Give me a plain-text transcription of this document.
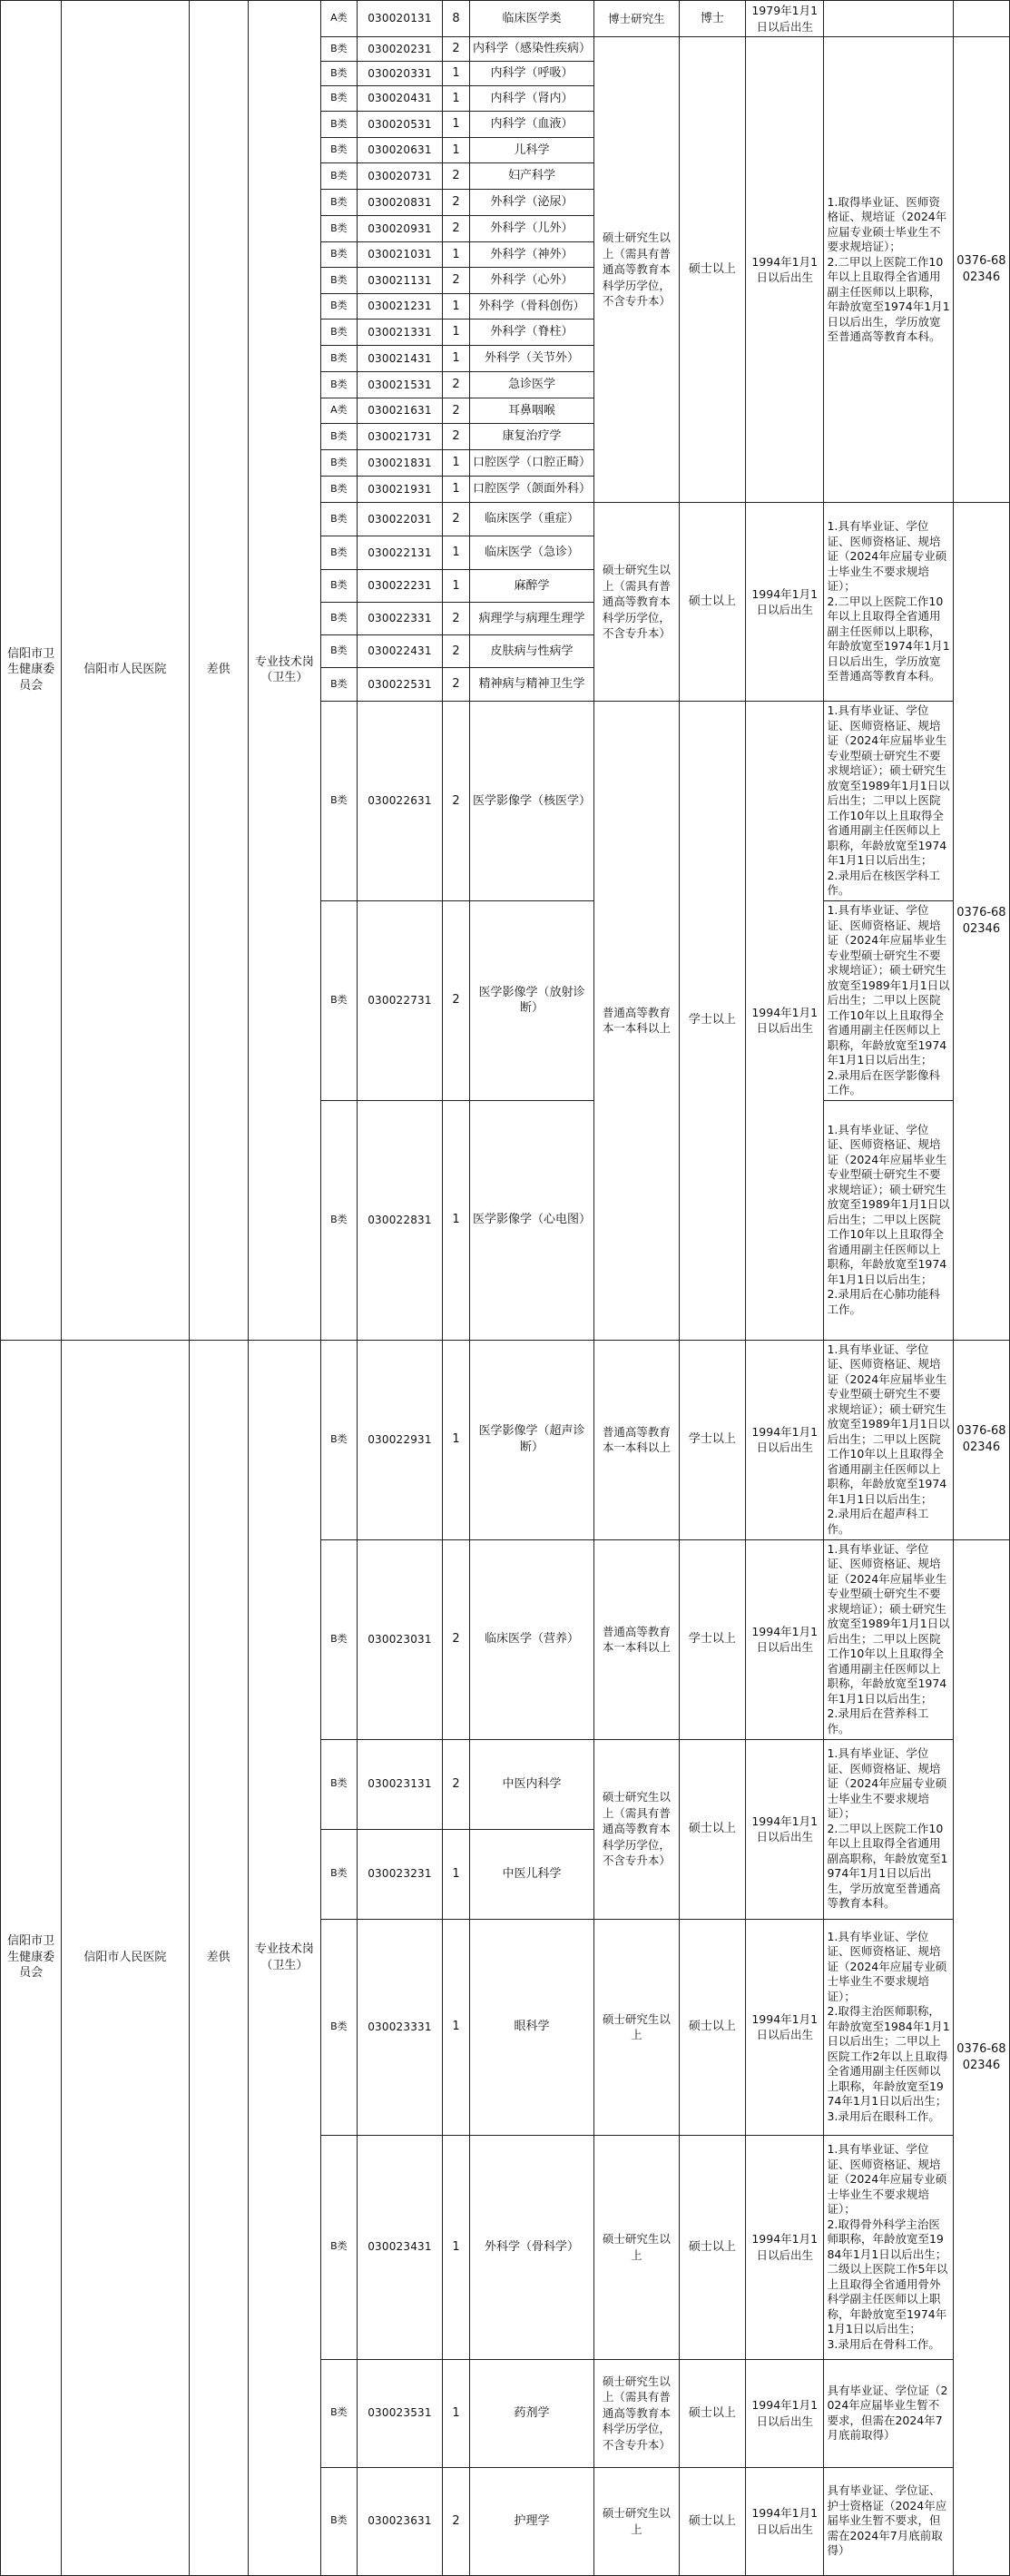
信阳市卫生健康委员会	信阳市人民医院	差供	专业技术岗（卫生）	A类	030020131	8	临床医学类	博士研究生	博士	1979年1月1日以后出生		
				B类	030020231	2	内科学（感染性疾病）	硕士研究生以上（需具有普通高等教育本科学历学位，不含专升本）	硕士以上	1994年1月1日以后出生	1.取得毕业证、医师资格证、规培证（2024年应届专业硕士毕业生不要求规培证）；
2.二甲以上医院工作10年以上且取得全省通用副主任医师以上职称，年龄放宽至1974年1月1日以后出生，学历放宽至普通高等教育本科。	0376-6802346
				B类	030020331	1	内科学（呼吸）					
				B类	030020431	1	内科学（肾内）					
				B类	030020531	1	内科学（血液）					
				B类	030020631	1	儿科学					
				B类	030020731	2	妇产科学					
				B类	030020831	2	外科学（泌尿）					
				B类	030020931	2	外科学（儿外）					
				B类	030021031	1	外科学（神外）					
				B类	030021131	2	外科学（心外）					
				B类	030021231	1	外科学（骨科创伤）					
				B类	030021331	1	外科学（脊柱）					
				B类	030021431	1	外科学（关节外）					
				B类	030021531	2	急诊医学					
				A类	030021631	2	耳鼻咽喉					
				B类	030021731	2	康复治疗学					
				B类	030021831	1	口腔医学（口腔正畸）					
				B类	030021931	1	口腔医学（颌面外科）					
				B类	030022031	2	临床医学（重症）	硕士研究生以上（需具有普通高等教育本科学历学位，不含专升本）	硕士以上	1994年1月1日以后出生	1.具有毕业证、学位证、医师资格证、规培证（2024年应届专业硕士毕业生不要求规培证）；
2.二甲以上医院工作10年以上且取得全省通用副主任医师以上职称，年龄放宽至1974年1月1日以后出生，学历放宽至普通高等教育本科。	0376-6802346
				B类	030022131	1	临床医学（急诊）					
				B类	030022231	1	麻醉学					
				B类	030022331	2	病理学与病理生理学					
				B类	030022431	2	皮肤病与性病学					
				B类	030022531	2	精神病与精神卫生学					
				B类	030022631	2	医学影像学（核医学）	普通高等教育本一本科以上	学士以上	1994年1月1日以后出生	1.具有毕业证、学位证、医师资格证、规培证（2024年应届毕业生专业型硕士研究生不要求规培证）；硕士研究生放宽至1989年1月1日以后出生；二甲以上医院工作10年以上且取得全省通用副主任医师以上职称，年龄放宽至1974年1月1日以后出生；
2.录用后在核医学科工作。	
				B类	030022731	2	医学影像学（放射诊断）				1.具有毕业证、学位证、医师资格证、规培证（2024年应届毕业生专业型硕士研究生不要求规培证）；硕士研究生放宽至1989年1月1日以后出生；二甲以上医院工作10年以上且取得全省通用副主任医师以上职称，年龄放宽至1974年1月1日以后出生；
2.录用后在医学影像科工作。	
				B类	030022831	1	医学影像学（心电图）				1.具有毕业证、学位证、医师资格证、规培证（2024年应届毕业生专业型硕士研究生不要求规培证）；硕士研究生放宽至1989年1月1日以后出生；二甲以上医院工作10年以上且取得全省通用副主任医师以上职称，年龄放宽至1974年1月1日以后出生；
2.录用后在心肺功能科工作。	
信阳市卫生健康委员会	信阳市人民医院	差供	专业技术岗（卫生）	B类	030022931	1	医学影像学（超声诊断）	普通高等教育本一本科以上	学士以上	1994年1月1日以后出生	1.具有毕业证、学位证、医师资格证、规培证（2024年应届毕业生专业型硕士研究生不要求规培证）；硕士研究生放宽至1989年1月1日以后出生；二甲以上医院工作10年以上且取得全省通用副主任医师以上职称，年龄放宽至1974年1月1日以后出生；
2.录用后在超声科工作。	0376-6802346
				B类	030023031	2	临床医学（营养）	普通高等教育本一本科以上	学士以上	1994年1月1日以后出生	1.具有毕业证、学位证、医师资格证、规培证（2024年应届毕业生专业型硕士研究生不要求规培证）；硕士研究生放宽至1989年1月1日以后出生；二甲以上医院工作10年以上且取得全省通用副主任医师以上职称，年龄放宽至1974年1月1日以后出生；
2.录用后在营养科工作。	0376-6802346
				B类	030023131	2	中医内科学	硕士研究生以上（需具有普通高等教育本科学历学位，不含专升本）	硕士以上	1994年1月1日以后出生	1.具有毕业证、学位证、医师资格证、规培证（2024年应届专业硕士毕业生不要求规培证）；
2.二甲以上医院工作10年以上且取得全省通用副高职称，年龄放宽至1974年1月1日以后出生，学历放宽至普通高等教育本科。	
				B类	030023231	1	中医儿科学					
				B类	030023331	1	眼科学	硕士研究生以上	硕士以上	1994年1月1日以后出生	1.具有毕业证、学位证、医师资格证、规培证（2024年应届专业硕士毕业生不要求规培证）；
2.取得主治医师职称，年龄放宽至1984年1月1日以后出生；二甲以上医院工作2年以上且取得全省通用副主任医师以上职称，年龄放宽至1974年1月1日以后出生；
3.录用后在眼科工作。	
				B类	030023431	1	外科学（骨科学）	硕士研究生以上	硕士以上	1994年1月1日以后出生	1.具有毕业证、学位证、医师资格证、规培证（2024年应届专业硕士毕业生不要求规培证）；
2.取得骨外科学主治医师职称，年龄放宽至1984年1月1日以后出生；二级以上医院工作5年以上且取得全省通用骨外科学副主任医师以上职称，年龄放宽至1974年1月1日以后出生；
3.录用后在骨科工作。	
				B类	030023531	1	药剂学	硕士研究生以上（需具有普通高等教育本科学历学位，不含专升本）	硕士以上	1994年1月1日以后出生	具有毕业证、学位证（2024年应届毕业生暂不要求，但需在2024年7月底前取得）	
				B类	030023631	2	护理学	硕士研究生以上	硕士以上	1994年1月1日以后出生	具有毕业证、学位证、护士资格证（2024年应届毕业生暂不要求，但需在2024年7月底前取得）	
